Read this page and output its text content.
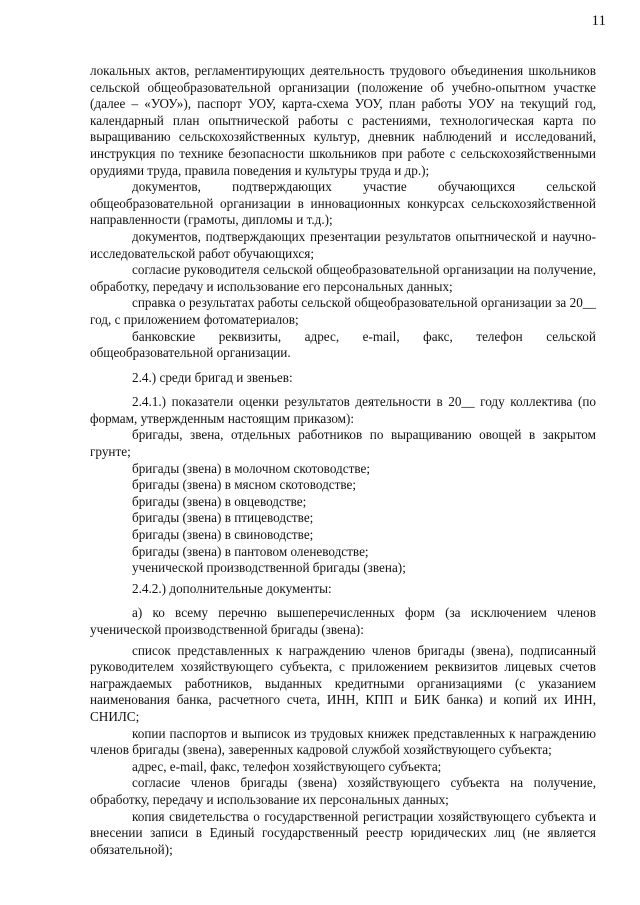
11

локальных актов, регламентирующих деятельность трудового объединения школьников сельской общеобразовательной организации (положение об учебно-опытном участке (далее – «УОУ»), паспорт УОУ, карта-схема УОУ, план работы УОУ на текущий год, календарный план опытнической работы с растениями, технологическая карта по выращиванию сельскохозяйственных культур, дневник наблюдений и исследований, инструкция по технике безопасности школьников при работе с сельскохозяйственными орудиями труда, правила поведения и культуры труда и др.);

документов, подтверждающих участие обучающихся сельской общеобразовательной организации в инновационных конкурсах сельскохозяйственной направленности (грамоты, дипломы и т.д.);

документов, подтверждающих презентации результатов опытнической и научно-исследовательской работ обучающихся;

согласие руководителя сельской общеобразовательной организации на получение, обработку, передачу и использование его персональных данных;

справка о результатах работы сельской общеобразовательной организации за 20__ год, с приложением фотоматериалов;

банковские реквизиты, адрес, e-mail, факс, телефон сельской

общеобразовательной организации.

2.4.) среди бригад и звеньев:

2.4.1.) показатели оценки результатов деятельности в 20__ году коллектива (по формам, утвержденным настоящим приказом):

бригады, звена, отдельных работников по выращиванию овощей в закрытом грунте;

бригады (звена) в молочном скотоводстве;

бригады (звена) в мясном скотоводстве;

бригады (звена) в овцеводстве;

бригады (звена) в птицеводстве;

бригады (звена) в свиноводстве;

бригады (звена) в пантовом оленеводстве;

ученической производственной бригады (звена);

2.4.2.) дополнительные документы:

а) ко всему перечню вышеперечисленных форм (за исключением членов ученической производственной бригады (звена):

список представленных к награждению членов бригады (звена), подписанный руководителем хозяйствующего субъекта, с приложением реквизитов лицевых счетов награждаемых работников, выданных кредитными организациями (с указанием наименования банка, расчетного счета, ИНН, КПП и БИК банка) и копий их ИНН, СНИЛС;

копии паспортов и выписок из трудовых книжек представленных к награждению членов бригады (звена), заверенных кадровой службой хозяйствующего субъекта;

адрес, e-mail, факс, телефон хозяйствующего субъекта;

согласие членов бригады (звена) хозяйствующего субъекта на получение, обработку, передачу и использование их персональных данных;

копия свидетельства о государственной регистрации хозяйствующего субъекта и внесении записи в Единый государственный реестр юридических лиц (не является обязательной);
